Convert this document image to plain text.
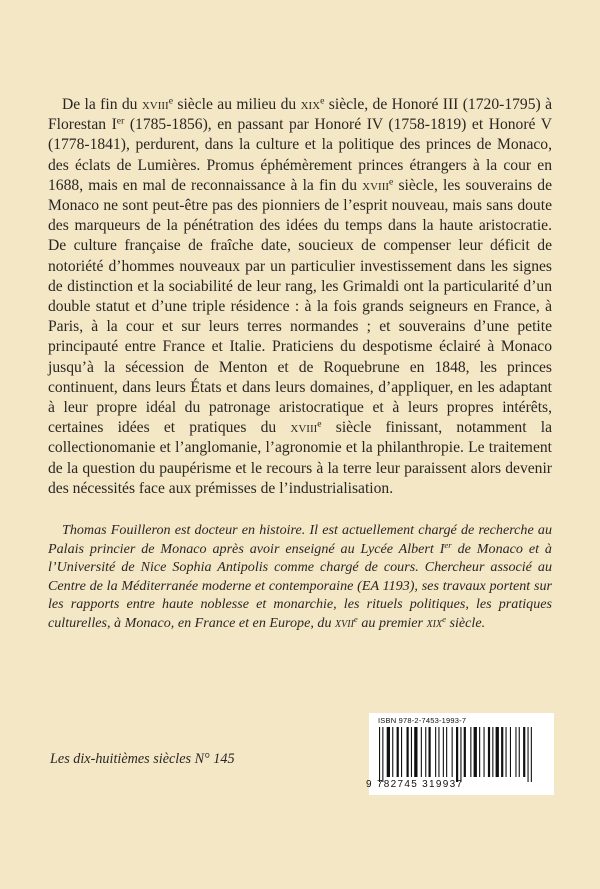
De la fin du xviii$^e$ siècle au milieu du xix$^e$ siècle, de Honoré III (1720-1795) à Florestan Ier (1785-1856), en passant par Honoré IV (1758-1819) et Honoré V (1778-1841), perdurent, dans la culture et la politique des princes de Monaco, des éclats de Lumières. Promus éphémèrement princes étrangers à la cour en 1688, mais en mal de reconnaissance à la fin du xviii$^e$ siècle, les souverains de Monaco ne sont peut-être pas des pionniers de l’esprit nouveau, mais sans doute des marqueurs de la pénétration des idées du temps dans la haute aristocratie. De culture française de fraîche date, soucieux de compenser leur déficit de notoriété d’hommes nouveaux par un particulier investissement dans les signes de distinction et la sociabilité de leur rang, les Grimaldi ont la particularité d’un double statut et d’une triple résidence : à la fois grands seigneurs en France, à Paris, à la cour et sur leurs terres normandes ; et souverains d’une petite principauté entre France et Italie. Praticiens du despotisme éclairé à Monaco jusqu’à la sécession de Menton et de Roquebrune en 1848, les princes continuent, dans leurs États et dans leurs domaines, d’appliquer, en les adaptant à leur propre idéal du patronage aristocratique et à leurs propres intérêts, certaines idées et pratiques du xviii$^e$ siècle finissant, notamment la collectionomanie et l’anglomanie, l’agronomie et la philanthropie. Le traitement de la question du paupérisme et le recours à la terre leur paraissent alors devenir des nécessités face aux prémisses de l’industrialisation.

Thomas Fouilleron est docteur en histoire. Il est actuellement chargé de recherche au Palais princier de Monaco après avoir enseigné au Lycée Albert Ier de Monaco et à l’Université de Nice Sophia Antipolis comme chargé de cours. Chercheur associé au Centre de la Méditerranée moderne et contemporaine (EA 1193), ses travaux portent sur les rapports entre haute noblesse et monarchie, les rituels politiques, les pratiques culturelles, à Monaco, en France et en Europe, du xvii$^e$ au premier xix$^e$ siècle.

Les dix-huitièmes siècles N° 145
ISBN 978-2-7453-1993-7
9 782745 319937
